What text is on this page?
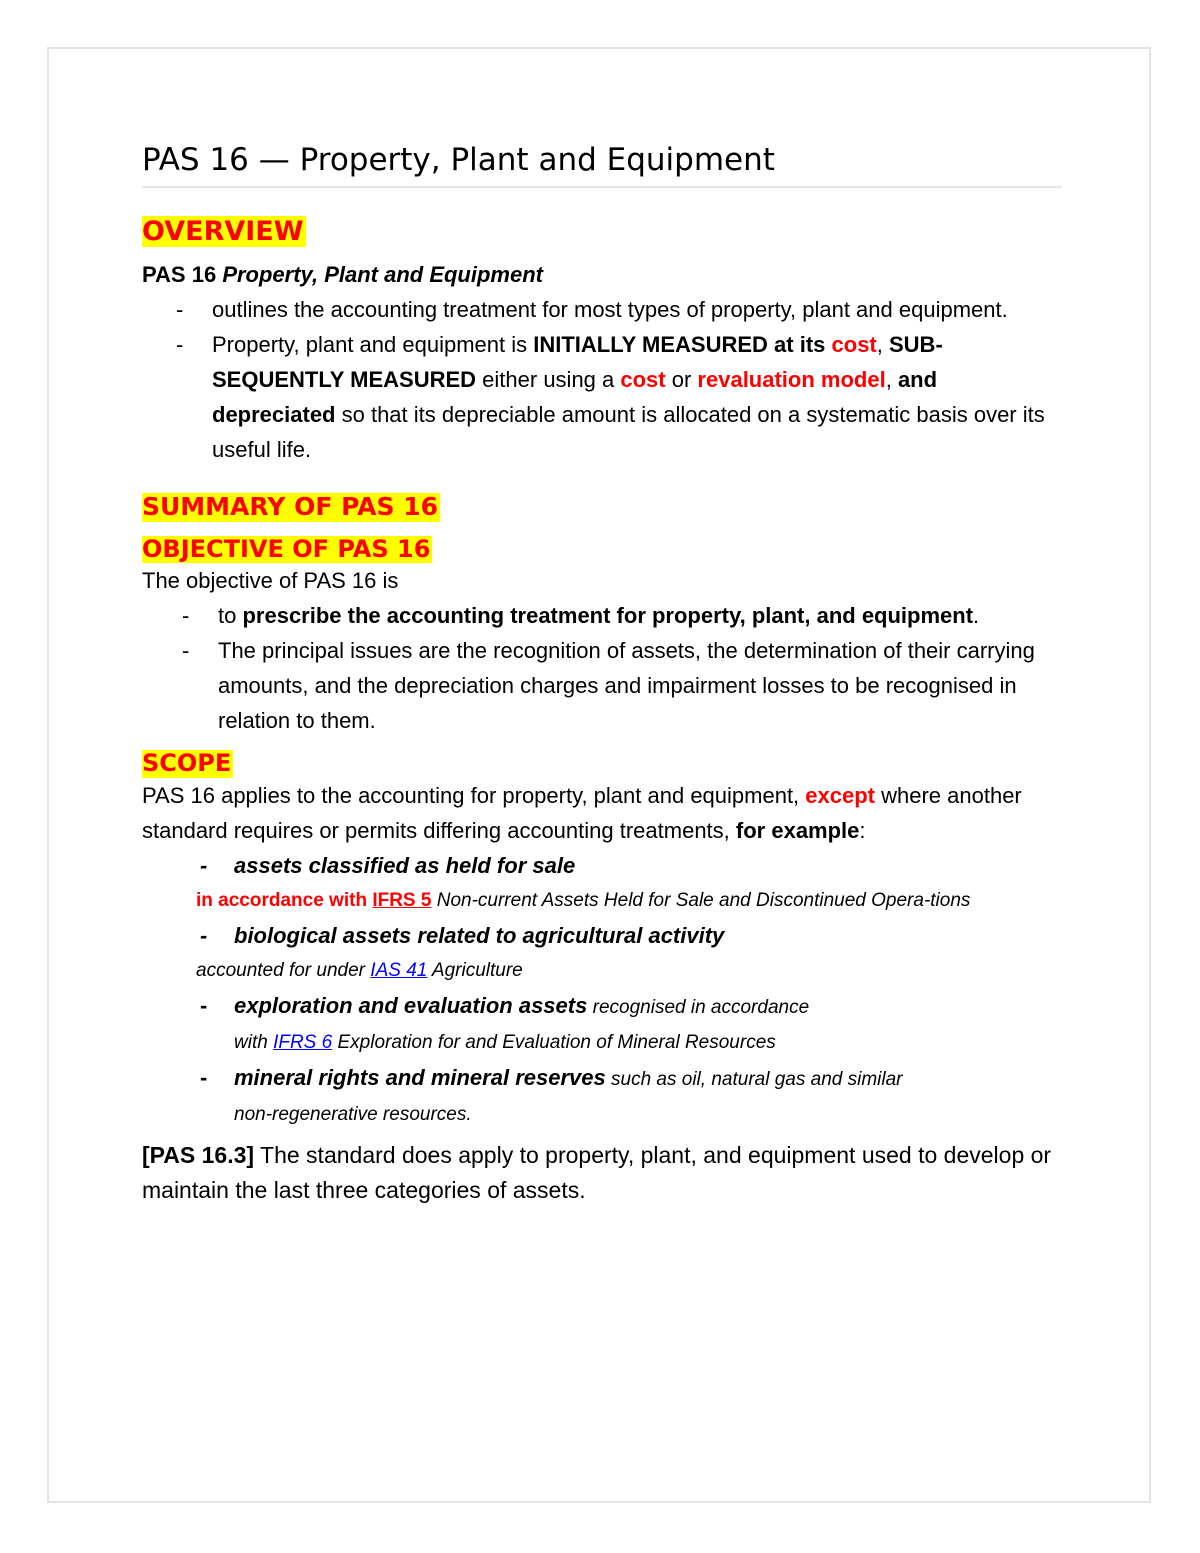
PAS 16 — Property, Plant and Equipment
OVERVIEW
PAS 16 Property, Plant and Equipment
- outlines the accounting treatment for most types of property, plant and equipment.
- Property, plant and equipment is INITIALLY MEASURED at its cost, SUB-SEQUENTLY MEASURED either using a cost or revaluation model, and depreciated so that its depreciable amount is allocated on a systematic basis over its useful life.
SUMMARY OF PAS 16
OBJECTIVE OF PAS 16
The objective of PAS 16 is
- to prescribe the accounting treatment for property, plant, and equipment.
- The principal issues are the recognition of assets, the determination of their carrying amounts, and the depreciation charges and impairment losses to be recognised in relation to them.
SCOPE
PAS 16 applies to the accounting for property, plant and equipment, except where another standard requires or permits differing accounting treatments, for example:
- assets classified as held for sale
in accordance with IFRS 5 Non-current Assets Held for Sale and Discontinued Opera-tions
- biological assets related to agricultural activity
accounted for under IAS 41 Agriculture
- exploration and evaluation assets recognised in accordance
with IFRS 6 Exploration for and Evaluation of Mineral Resources
- mineral rights and mineral reserves such as oil, natural gas and similar
non-regenerative resources.
[PAS 16.3] The standard does apply to property, plant, and equipment used to develop or maintain the last three categories of assets.
